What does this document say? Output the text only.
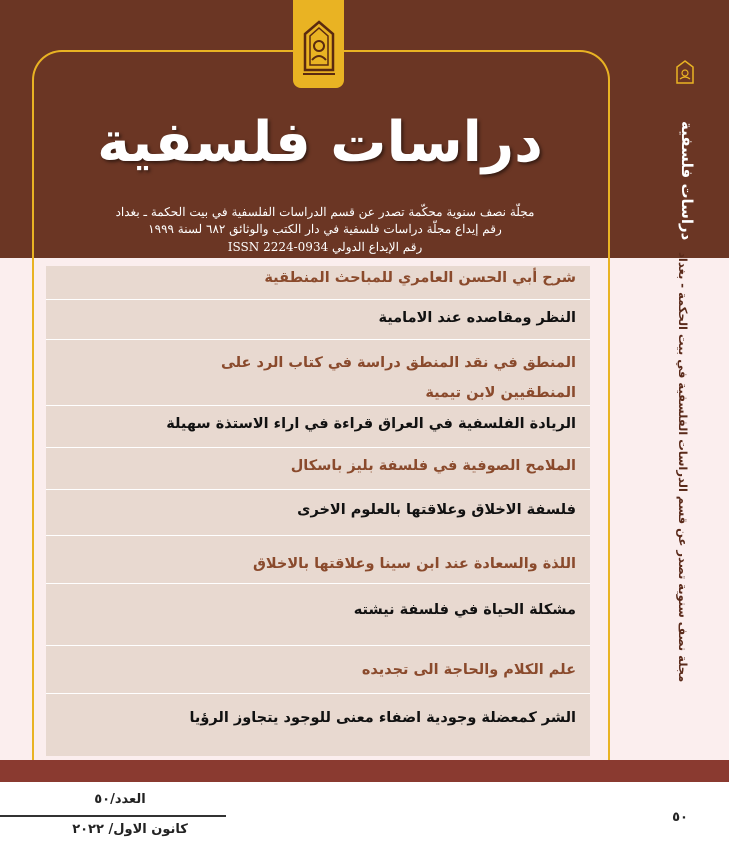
دراسات فلسفية
مجلّة نصف سنوية محكّمة تصدر عن قسم الدراسات الفلسفية في بيت الحكمة ـ بغداد
رقم إيداع مجلّة دراسات فلسفية في دار الكتب والوثائق ٦٨٢ لسنة ١٩٩٩
رقم الإيداع الدولي 0934-2224 ISSN
شرح أبي الحسن العامري للمباحث المنطقية
النظر ومقاصده عند الامامية
المنطق في نقد المنطق دراسة في كتاب الرد على
المنطقيين لابن تيمية
الريادة الفلسفية في العراق قراءة في اراء الاستذة سهيلة
الملامح الصوفية في فلسفة بليز باسكال
فلسفة الاخلاق وعلاقتها بالعلوم الاخرى
اللذة والسعادة عند ابن سينا وعلاقتها بالاخلاق
مشكلة الحياة في فلسفة نيشته
علم الكلام والحاجة الى تجديده
الشر كمعضلة وجودية اضفاء معنى للوجود يتجاوز الرؤيا
دراسات فلسفية
مجلة نصف سنوية تصدر عن قسم الدراسات الفلسفية في بيت الحكمة - بغداد
العدد/٥٠
كانون الاول/ ٢٠٢٢
٥٠
